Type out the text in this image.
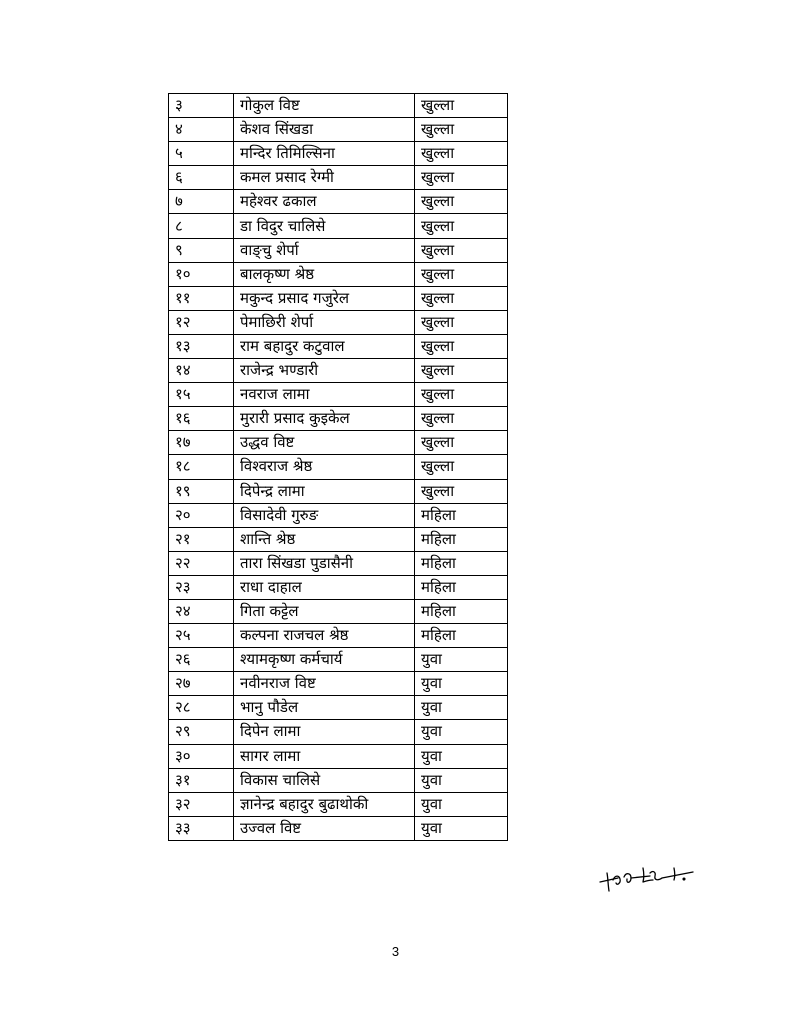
३	गोकुल विष्ट	खुल्ला
४	केशव सिंखडा	खुल्ला
५	मन्दिर तिमिल्सिना	खुल्ला
६	कमल प्रसाद रेग्मी	खुल्ला
७	महेश्वर ढकाल	खुल्ला
८	डा विदुर चालिसे	खुल्ला
९	वाङ्चु शेर्पा	खुल्ला
१०	बालकृष्ण श्रेष्ठ	खुल्ला
११	मकुन्द प्रसाद गजुरेल	खुल्ला
१२	पेमाछिरी शेर्पा	खुल्ला
१३	राम बहादुर कटुवाल	खुल्ला
१४	राजेन्द्र भण्डारी	खुल्ला
१५	नवराज लामा	खुल्ला
१६	मुरारी प्रसाद कुइकेल	खुल्ला
१७	उद्धव विष्ट	खुल्ला
१८	विश्वराज श्रेष्ठ	खुल्ला
१९	दिपेन्द्र लामा	खुल्ला
२०	विसादेवी गुरुङ	महिला
२१	शान्ति श्रेष्ठ	महिला
२२	तारा सिंखडा पुडासैनी	महिला
२३	राधा दाहाल	महिला
२४	गिता कट्टेल	महिला
२५	कल्पना राजचल श्रेष्ठ	महिला
२६	श्यामकृष्ण कर्मचार्य	युवा
२७	नवीनराज विष्ट	युवा
२८	भानु पौडेल	युवा
२९	दिपेन लामा	युवा
३०	सागर लामा	युवा
३१	विकास चालिसे	युवा
३२	ज्ञानेन्द्र बहादुर बुढाथोकी	युवा
३३	उज्वल विष्ट	युवा
3
